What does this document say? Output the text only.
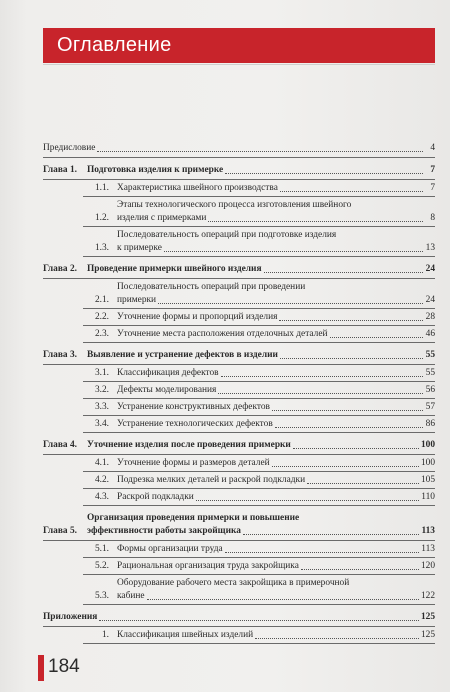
Оглавление
Предисловие	4
Глава 1.	Подготовка изделия к примерке	7
1.1. Характеристика швейного производства	7
1.2.
Этапы технологического процесса изготовления швейного
изделия с примерками	8
1.3.
Последовательность операций при подготовке изделия
к примерке	13
Глава 2.	Проведение примерки швейного изделия	24
2.1.
Последовательность операций при проведении
примерки	24
2.2. Уточнение формы и пропорций изделия	28
2.3. Уточнение места расположения отделочных деталей	46
Глава 3.	Выявление и устранение дефектов в изделии	55
3.1. Классификация дефектов	55
3.2. Дефекты моделирования	56
3.3. Устранение конструктивных дефектов	57
3.4. Устранение технологических дефектов	86
Глава 4.	Уточнение изделия после проведения примерки	100
4.1. Уточнение формы и размеров деталей	100
4.2. Подрезка мелких деталей и раскрой подкладки	105
4.3. Раскрой подкладки	110
Глава 5.
Организация проведения примерки и повышение
эффективности работы закройщика	113
5.1. Формы организации труда	113
5.2. Рациональная организация труда закройщика	120
5.3.
Оборудование рабочего места закройщика в примерочной
кабине	122
Приложения	125
1. Классификация швейных изделий	125
184
